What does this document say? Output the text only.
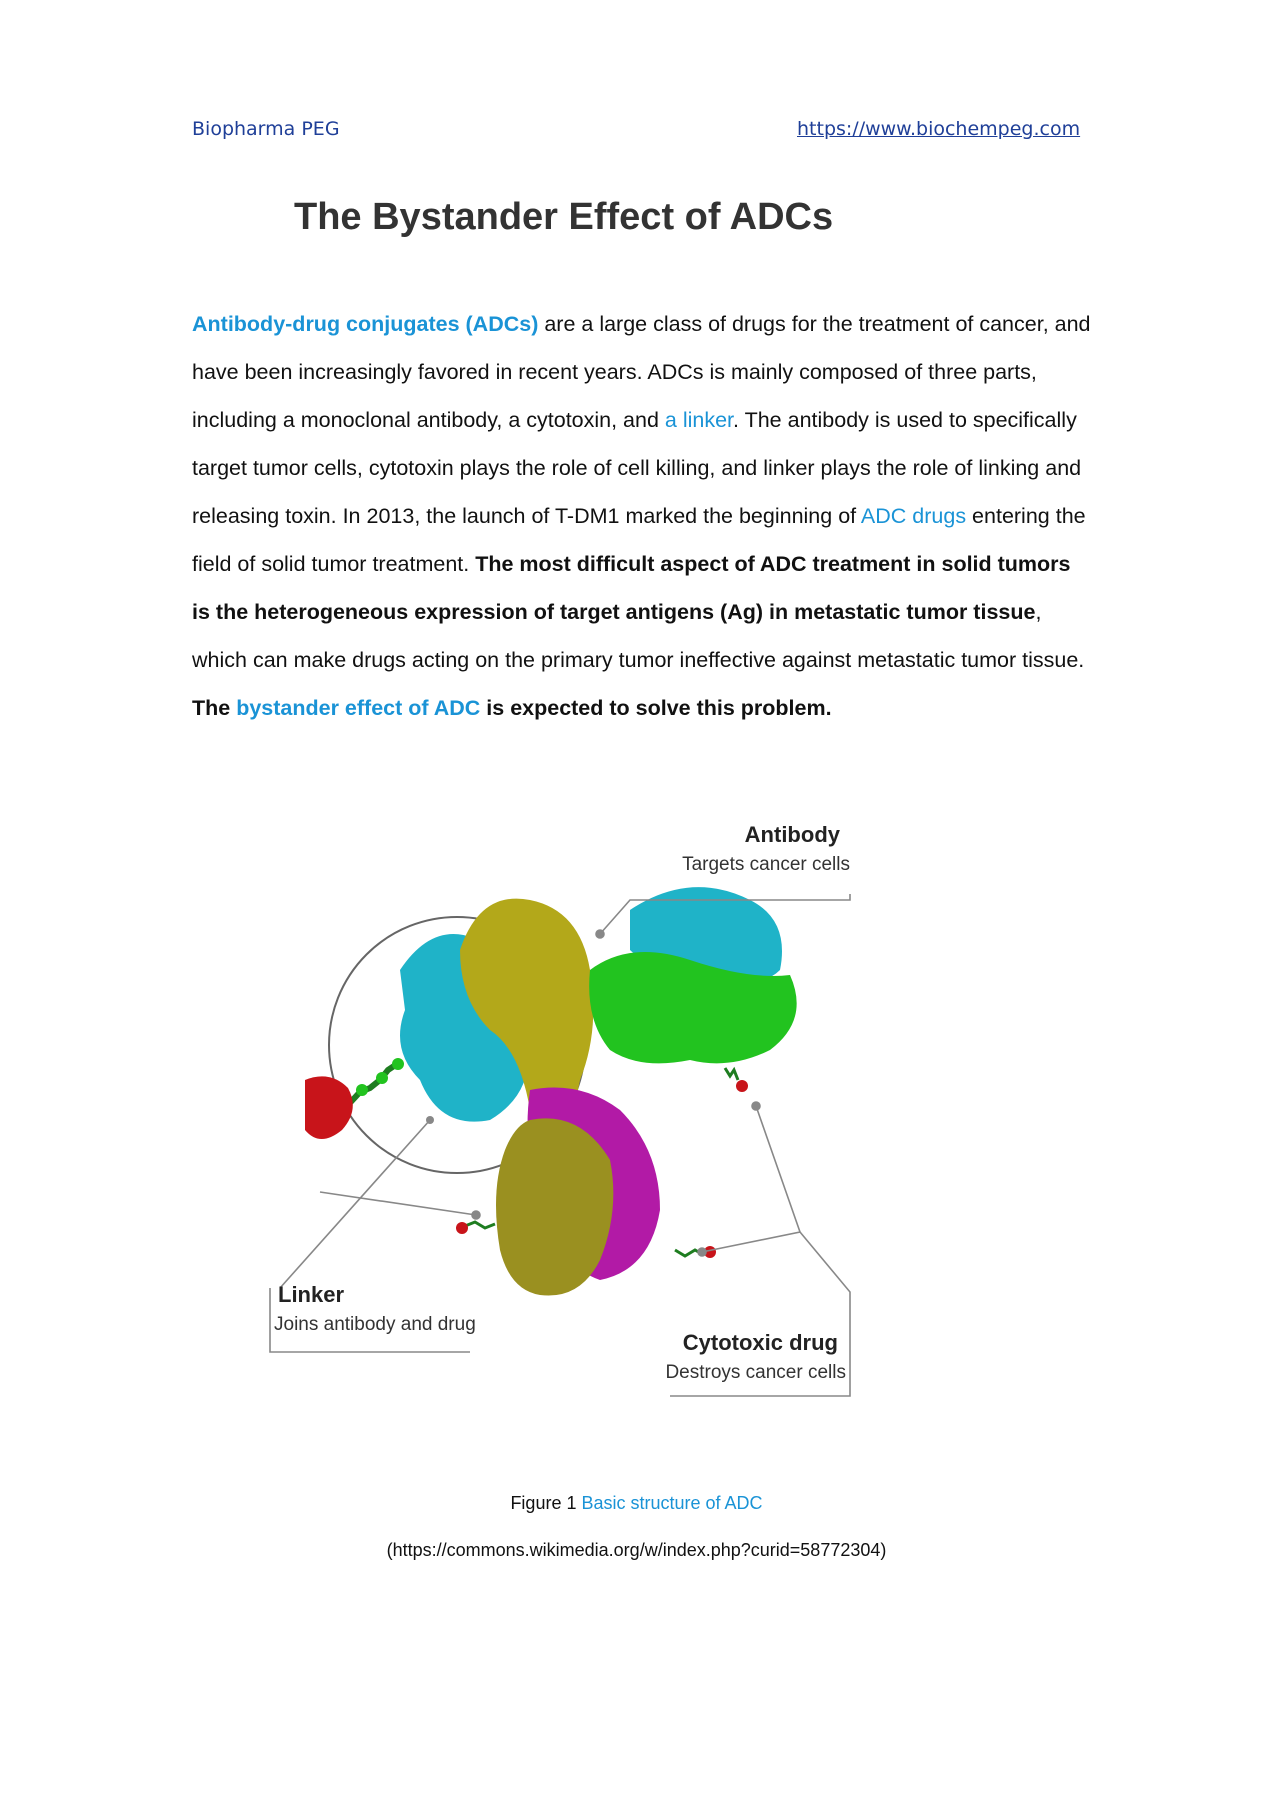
Biopharma PEG	https://www.biochempeg.com
The Bystander Effect of ADCs

Antibody-drug conjugates (ADCs) are a large class of drugs for the treatment of cancer, and have been increasingly favored in recent years. ADCs is mainly composed of three parts, including a monoclonal antibody, a cytotoxin, and a linker. The antibody is used to specifically target tumor cells, cytotoxin plays the role of cell killing, and linker plays the role of linking and releasing toxin. In 2013, the launch of T-DM1 marked the beginning of ADC drugs entering the field of solid tumor treatment. The most difficult aspect of ADC treatment in solid tumors is the heterogeneous expression of target antigens (Ag) in metastatic tumor tissue, which can make drugs acting on the primary tumor ineffective against metastatic tumor tissue. The bystander effect of ADC is expected to solve this problem.

Antibody
Targets cancer cells
Linker
Joins antibody and drug
Cytotoxic drug
Destroys cancer cells
Figure 1 Basic structure of ADC
(https://commons.wikimedia.org/w/index.php?curid=58772304)
